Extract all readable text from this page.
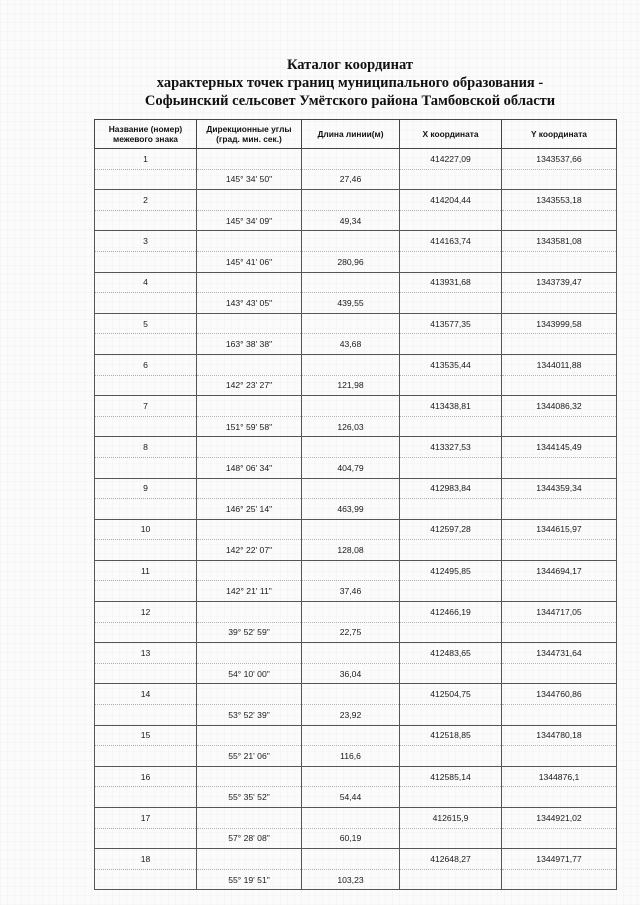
Каталог координат
характерных точек границ муниципального образования -
Софьинский сельсовет Умётского района Тамбовской области
Название (номер) межевого знака	Дирекционные углы (град. мин. сек.)	Длина линии(м)	X координата	Y координата
1			414227,09	1343537,66
	145° 34' 50"	27,46		
2			414204,44	1343553,18
	145° 34' 09"	49,34		
3			414163,74	1343581,08
	145° 41' 06"	280,96		
4			413931,68	1343739,47
	143° 43' 05"	439,55		
5			413577,35	1343999,58
	163° 38' 38"	43,68		
6			413535,44	1344011,88
	142° 23' 27"	121,98		
7			413438,81	1344086,32
	151° 59' 58"	126,03		
8			413327,53	1344145,49
	148° 06' 34"	404,79		
9			412983,84	1344359,34
	146° 25' 14"	463,99		
10			412597,28	1344615,97
	142° 22' 07"	128,08		
11			412495,85	1344694,17
	142° 21' 11"	37,46		
12			412466,19	1344717,05
	39° 52' 59"	22,75		
13			412483,65	1344731,64
	54° 10' 00"	36,04		
14			412504,75	1344760,86
	53° 52' 39"	23,92		
15			412518,85	1344780,18
	55° 21' 06"	116,6		
16			412585,14	1344876,1
	55° 35' 52"	54,44		
17			412615,9	1344921,02
	57° 28' 08"	60,19		
18			412648,27	1344971,77
	55° 19' 51"	103,23		
